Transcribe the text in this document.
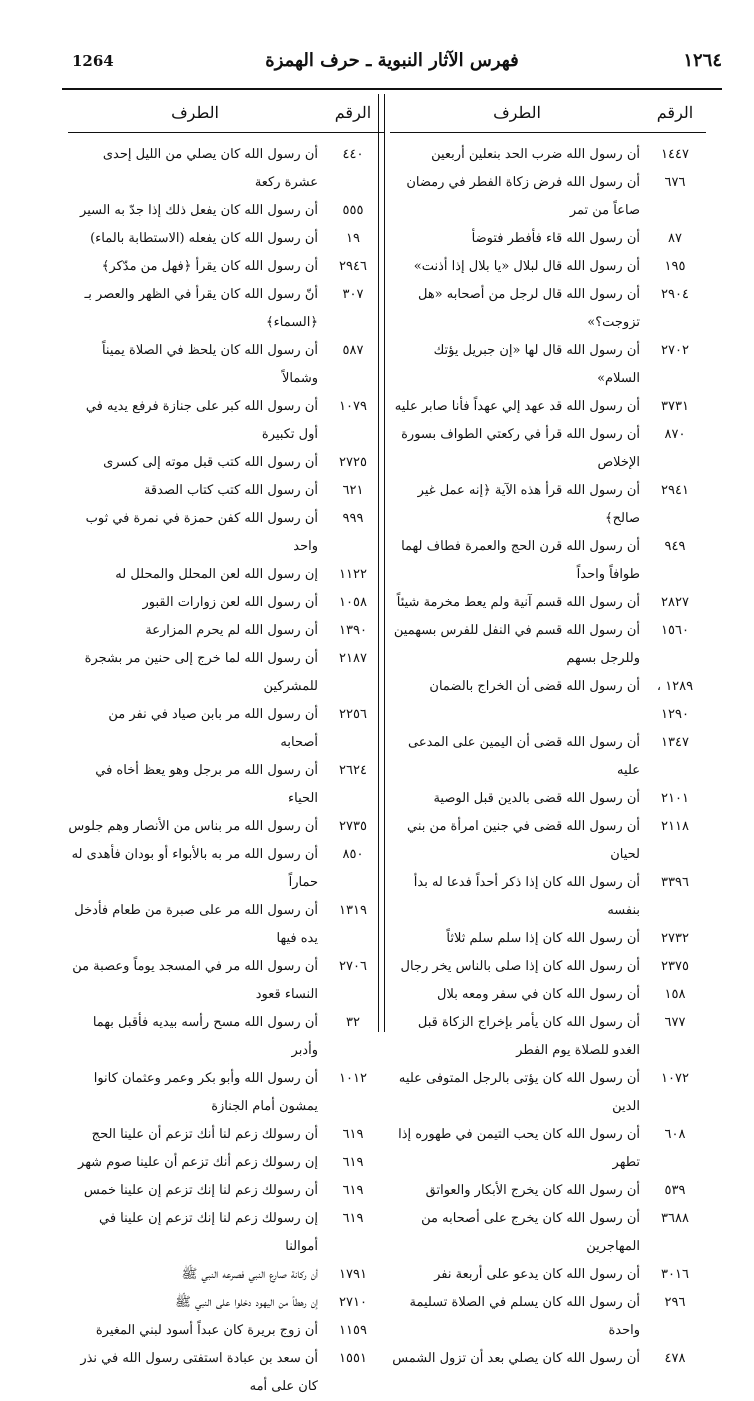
1264	فهرس الآثار النبوية ـ حرف الهمزة	١٢٦٤
الرقم
الطرف
١٤٤٧
أن رسول الله ضرب الحد بنعلين أربعين
٦٧٦
أن رسول الله فرض زكاة الفطر في رمضان صاعاً من تمر
٨٧
أن رسول الله قاء فأفطر فتوضأ
١٩٥
أن رسول الله قال لبلال «يا بلال إذا أذنت»
٢٩٠٤
أن رسول الله قال لرجل من أصحابه «هل تزوجت؟»
٢٧٠٢
أن رسول الله قال لها «إن جبريل يؤتك السلام»
٣٧٣١
أن رسول الله قد عهد إلي عهداً فأنا صابر عليه
٨٧٠
أن رسول الله قرأ في ركعتي الطواف بسورة الإخلاص
٢٩٤١
أن رسول الله قرأ هذه الآية ﴿إنه عمل غير صالح﴾
٩٤٩
أن رسول الله قرن الحج والعمرة فطاف لهما طوافاً واحداً
٢٨٢٧
أن رسول الله قسم آنية ولم يعط مخرمة شيئاً
١٥٦٠
أن رسول الله قسم في النفل للفرس بسهمين وللرجل بسهم
١٢٨٩ ، ١٢٩٠
أن رسول الله قضى أن الخراج بالضمان
١٣٤٧
أن رسول الله قضى أن اليمين على المدعى عليه
٢١٠١
أن رسول الله قضى بالدين قبل الوصية
٢١١٨
أن رسول الله قضى في جنين امرأة من بني لحيان
٣٣٩٦
أن رسول الله كان إذا ذكر أحداً فدعا له بدأ بنفسه
٢٧٣٢
أن رسول الله كان إذا سلم سلم ثلاثاً
٢٣٧٥
أن رسول الله كان إذا صلى بالناس يخر رجال
١٥٨
أن رسول الله كان في سفر ومعه بلال
٦٧٧
أن رسول الله كان يأمر بإخراج الزكاة قبل الغدو للصلاة يوم الفطر
١٠٧٢
أن رسول الله كان يؤتى بالرجل المتوفى عليه الدين
٦٠٨
أن رسول الله كان يحب التيمن في طهوره إذا تطهر
٥٣٩
أن رسول الله كان يخرج الأبكار والعواتق
٣٦٨٨
أن رسول الله كان يخرج على أصحابه من المهاجرين
٣٠١٦
أن رسول الله كان يدعو على أربعة نفر
٢٩٦
أن رسول الله كان يسلم في الصلاة تسليمة واحدة
٤٧٨
أن رسول الله كان يصلي بعد أن تزول الشمس
الرقم
الطرف
٤٤٠
أن رسول الله كان يصلي من الليل إحدى عشرة ركعة
٥٥٥
أن رسول الله كان يفعل ذلك إذا جدّ به السير
١٩
أن رسول الله كان يفعله (الاستطابة بالماء)
٢٩٤٦
أن رسول الله كان يقرأ ﴿فهل من مدّكر﴾
٣٠٧
أنّ رسول الله كان يقرأ في الظهر والعصر بـ ﴿السماء﴾
٥٨٧
أن رسول الله كان يلحظ في الصلاة يميناً وشمالاً
١٠٧٩
أن رسول الله كبر على جنازة فرفع يديه في أول تكبيرة
٢٧٢٥
أن رسول الله كتب قبل موته إلى كسرى
٦٢١
أن رسول الله كتب كتاب الصدقة
٩٩٩
أن رسول الله كفن حمزة في نمرة في ثوب واحد
١١٢٢
إن رسول الله لعن المحلل والمحلل له
١٠٥٨
أن رسول الله لعن زوارات القبور
١٣٩٠
أن رسول الله لم يحرم المزارعة
٢١٨٧
أن رسول الله لما خرج إلى حنين مر بشجرة للمشركين
٢٢٥٦
أن رسول الله مر بابن صياد في نفر من أصحابه
٢٦٢٤
أن رسول الله مر برجل وهو يعظ أخاه في الحياء
٢٧٣٥
أن رسول الله مر بناس من الأنصار وهم جلوس
٨٥٠
أن رسول الله مر به بالأبواء أو بودان فأهدى له حماراً
١٣١٩
أن رسول الله مر على صبرة من طعام فأدخل يده فيها
٢٧٠٦
أن رسول الله مر في المسجد يوماً وعصبة من النساء قعود
٣٢
أن رسول الله مسح رأسه بيديه فأقبل بهما وأدبر
١٠١٢
أن رسول الله وأبو بكر وعمر وعثمان كانوا يمشون أمام الجنازة
٦١٩
أن رسولك زعم لنا أنك تزعم أن علينا الحج
٦١٩
إن رسولك زعم أنك تزعم أن علينا صوم شهر
٦١٩
أن رسولك زعم لنا إنك تزعم إن علينا خمس
٦١٩
إن رسولك زعم لنا إنك تزعم إن علينا في أموالنا
١٧٩١
أن ركانة صارع النبي فصرعه النبي ﷺ
٢٧١٠
إن رهطاً من اليهود دخلوا على النبي ﷺ
١١٥٩
أن زوج بريرة كان عبداً أسود لبني المغيرة
١٥٥١
أن سعد بن عبادة استفتى رسول الله في نذر كان على أمه
